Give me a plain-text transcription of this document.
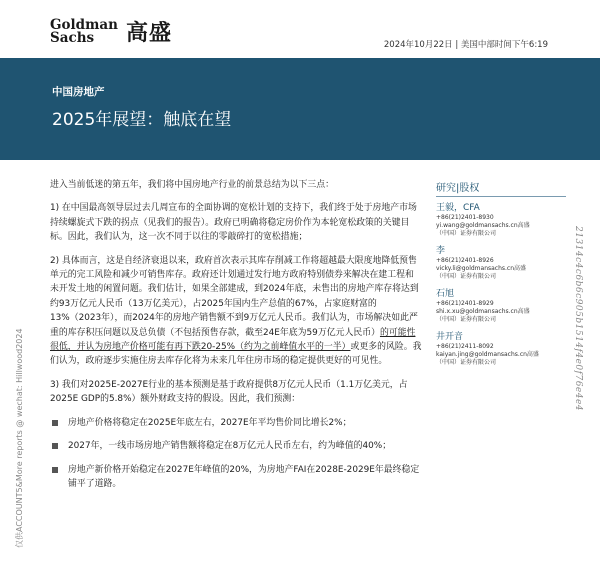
Goldman
Sachs	高盛	2024年10月22日 | 美国中部时间下午6:19
中国房地产
2025年展望：触底在望

进入当前低迷的第五年，我们将中国房地产行业的前景总结为以下三点：

1) 在中国最高领导层过去几周宣布的全面协调的宽松计划的支持下，我们终于处于房地产市场持续螺旋式下跌的拐点（见我们的报告）。政府已明确将稳定房价作为本轮宽松政策的关键目标。因此，我们认为，这一次不同于以往的零敲碎打的宽松措施；

2) 具体而言，这是自经济衰退以来，政府首次表示其库存削减工作将超越最大限度地降低预售单元的完工风险和减少可销售库存。政府还计划通过发行地方政府特别债券来解决在建工程和未开发土地的闲置问题。我们估计，如果全部建成，到2024年底，未售出的房地产库存将达到约93万亿元人民币（13万亿美元），占2025年国内生产总值的67%，占家庭财富的13%（2023年），而2024年的房地产销售额不到9万亿元人民币。我们认为，市场解决如此严重的库存积压问题以及总负债（不包括预售存款，截至24E年底为59万亿元人民币）的可能性很低，并认为房地产价格可能有再下跌20-25%（约为之前峰值水平的一半）或更多的风险。我们认为，政府逐步实施住房去库存化将为未来几年住房市场的稳定提供更好的可见性。

3) 我们对2025E-2027E行业的基本预测是基于政府提供8万亿元人民币（1.1万亿美元，占2025E GDP的5.8%）额外财政支持的假设。因此，我们预测：

房地产价格将稳定在2025E年底左右，2027E年平均售价同比增长2%；
2027年，一线市场房地产销售额将稳定在8万亿元人民币左右，约为峰值的40%；
房地产新价格开始稳定在2027E年峰值的20%，为房地产FAI在2028E-2029E年最终稳定铺平了道路。
研究|股权
王毅，CFA
+86(21)2401-8930
yi.wang@goldmansachs.cn高盛
（中国）证券有限公司
李
+86(21)2401-8926
vicky.li@goldmansachs.cn高盛
（中国）证券有限公司
石旭
+86(21)2401-8929
shi.x.xu@goldmansachs.cn高盛
（中国）证券有限公司
井开音
+86(21)2411-8092
kaiyan.jing@goldmansachs.cn高盛
（中国）证券有限公司
仅供ACCOUNT5&More reports @ wechat: Hillwood2024
21314c4c6b6c905b1514f4e0f76e4e4
